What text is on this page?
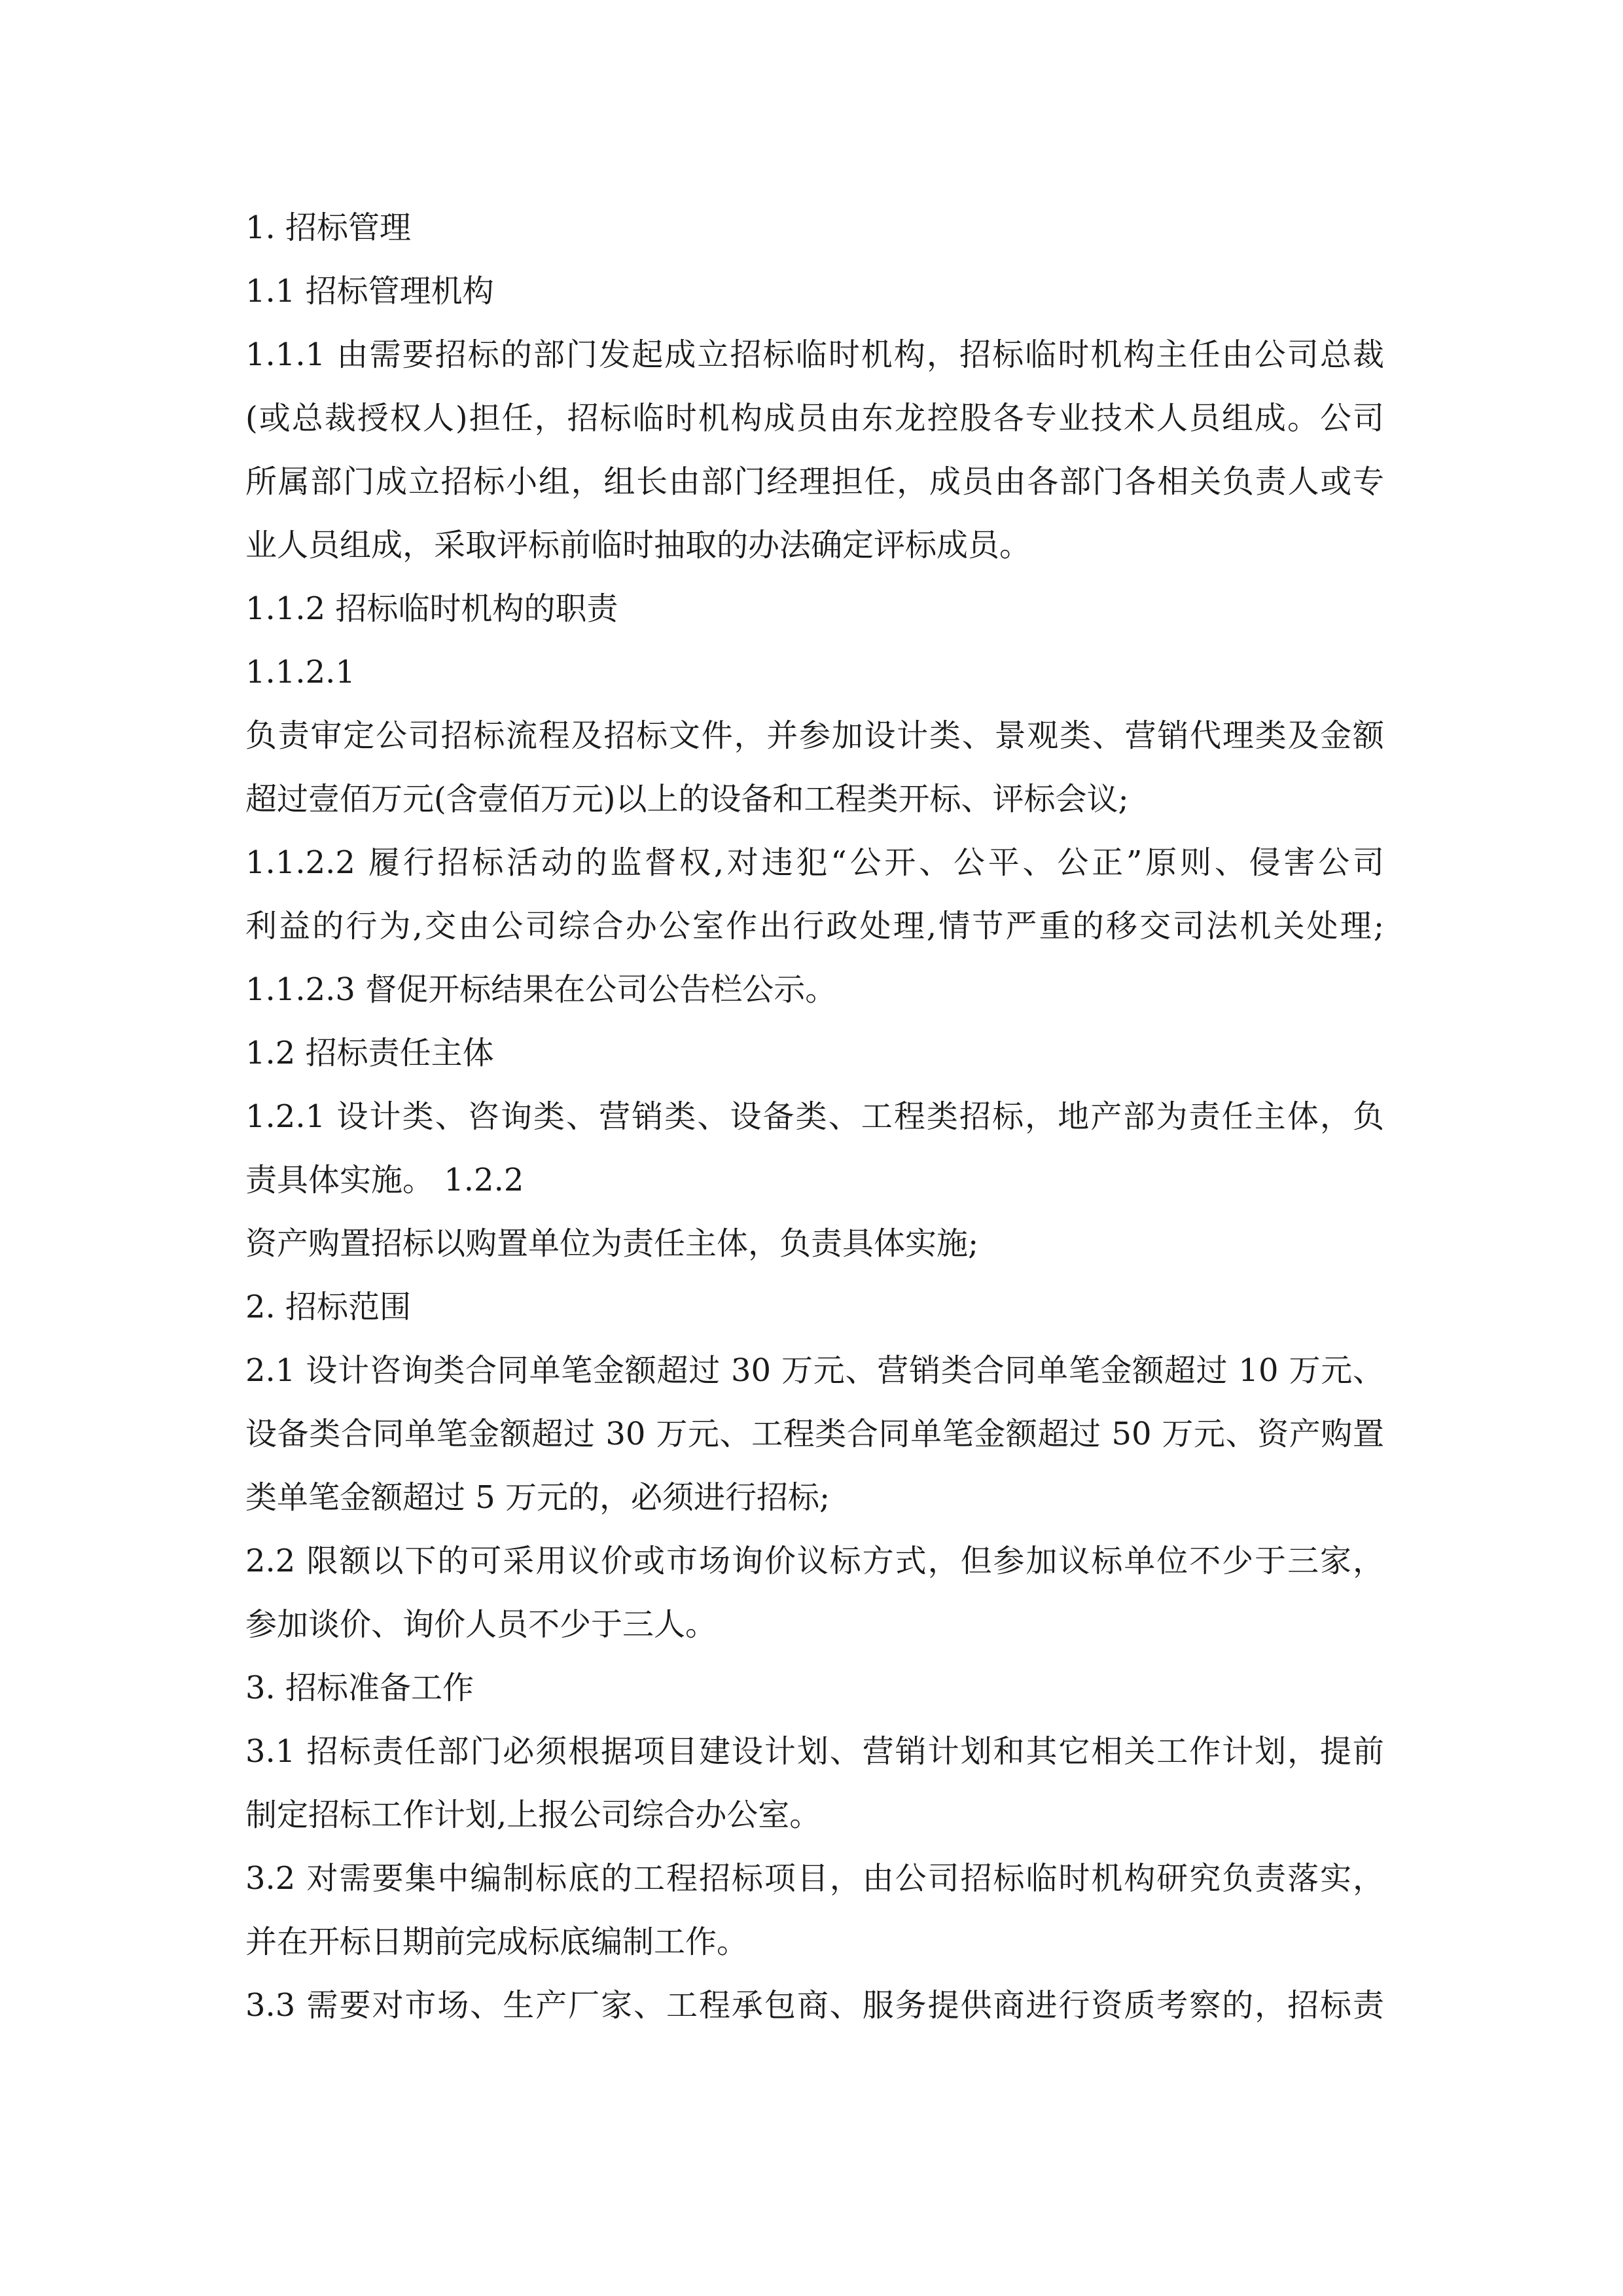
1. 招标管理
1.1 招标管理机构
1.1.1 由需要招标的部门发起成立招标临时机构，招标临时机构主任由公司总裁
(或总裁授权人)担任，招标临时机构成员由东龙控股各专业技术人员组成。公司
所属部门成立招标小组，组长由部门经理担任，成员由各部门各相关负责人或专
业人员组成，采取评标前临时抽取的办法确定评标成员。
1.1.2 招标临时机构的职责
1.1.2.1
负责审定公司招标流程及招标文件，并参加设计类、景观类、营销代理类及金额
超过壹佰万元(含壹佰万元)以上的设备和工程类开标、评标会议;
1.1.2.2 履行招标活动的监督权,对违犯“公开、公平、公正”原则、侵害公司
利益的行为,交由公司综合办公室作出行政处理,情节严重的移交司法机关处理;
1.1.2.3 督促开标结果在公司公告栏公示。
1.2 招标责任主体
1.2.1 设计类、咨询类、营销类、设备类、工程类招标，地产部为责任主体，负
责具体实施。 1.2.2
资产购置招标以购置单位为责任主体，负责具体实施;
2. 招标范围
2.1 设计咨询类合同单笔金额超过 30 万元、营销类合同单笔金额超过 10 万元、
设备类合同单笔金额超过 30 万元、工程类合同单笔金额超过 50 万元、资产购置
类单笔金额超过 5 万元的，必须进行招标;
2.2 限额以下的可采用议价或市场询价议标方式，但参加议标单位不少于三家，
参加谈价、询价人员不少于三人。
3. 招标准备工作
3.1 招标责任部门必须根据项目建设计划、营销计划和其它相关工作计划，提前
制定招标工作计划,上报公司综合办公室。
3.2 对需要集中编制标底的工程招标项目，由公司招标临时机构研究负责落实，
并在开标日期前完成标底编制工作。
3.3 需要对市场、生产厂家、工程承包商、服务提供商进行资质考察的，招标责
